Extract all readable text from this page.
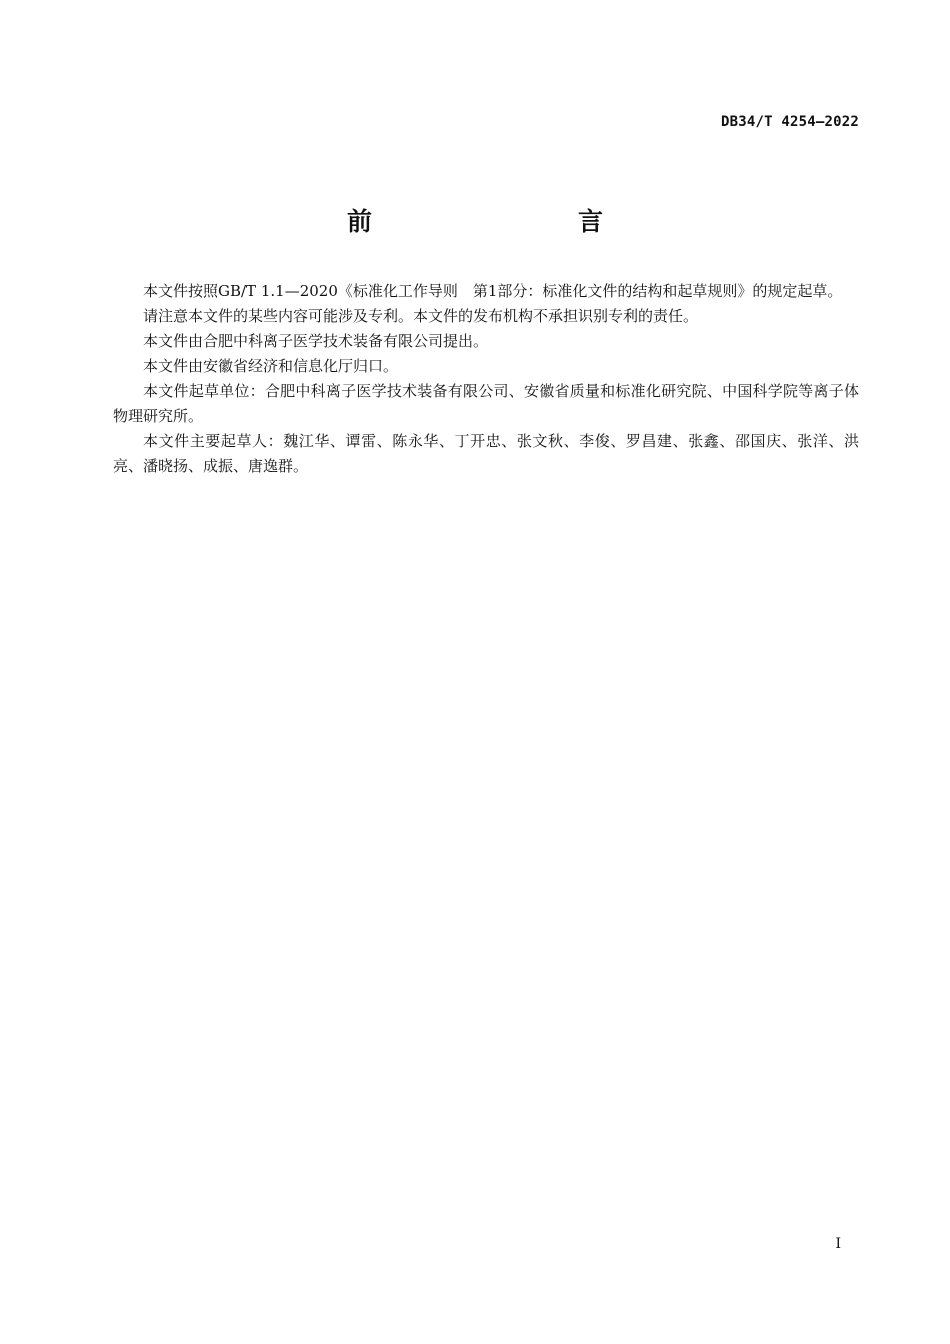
DB34/T 4254—2022
前　　言

本文件按照GB/T 1.1—2020《标准化工作导则　第1部分：标准化文件的结构和起草规则》的规定起草。

请注意本文件的某些内容可能涉及专利。本文件的发布机构不承担识别专利的责任。

本文件由合肥中科离子医学技术装备有限公司提出。

本文件由安徽省经济和信息化厅归口。

本文件起草单位：合肥中科离子医学技术装备有限公司、安徽省质量和标准化研究院、中国科学院等离子体物理研究所。

本文件主要起草人：魏江华、谭雷、陈永华、丁开忠、张文秋、李俊、罗昌建、张鑫、邵国庆、张洋、洪亮、潘晓扬、成振、唐逸群。

I
